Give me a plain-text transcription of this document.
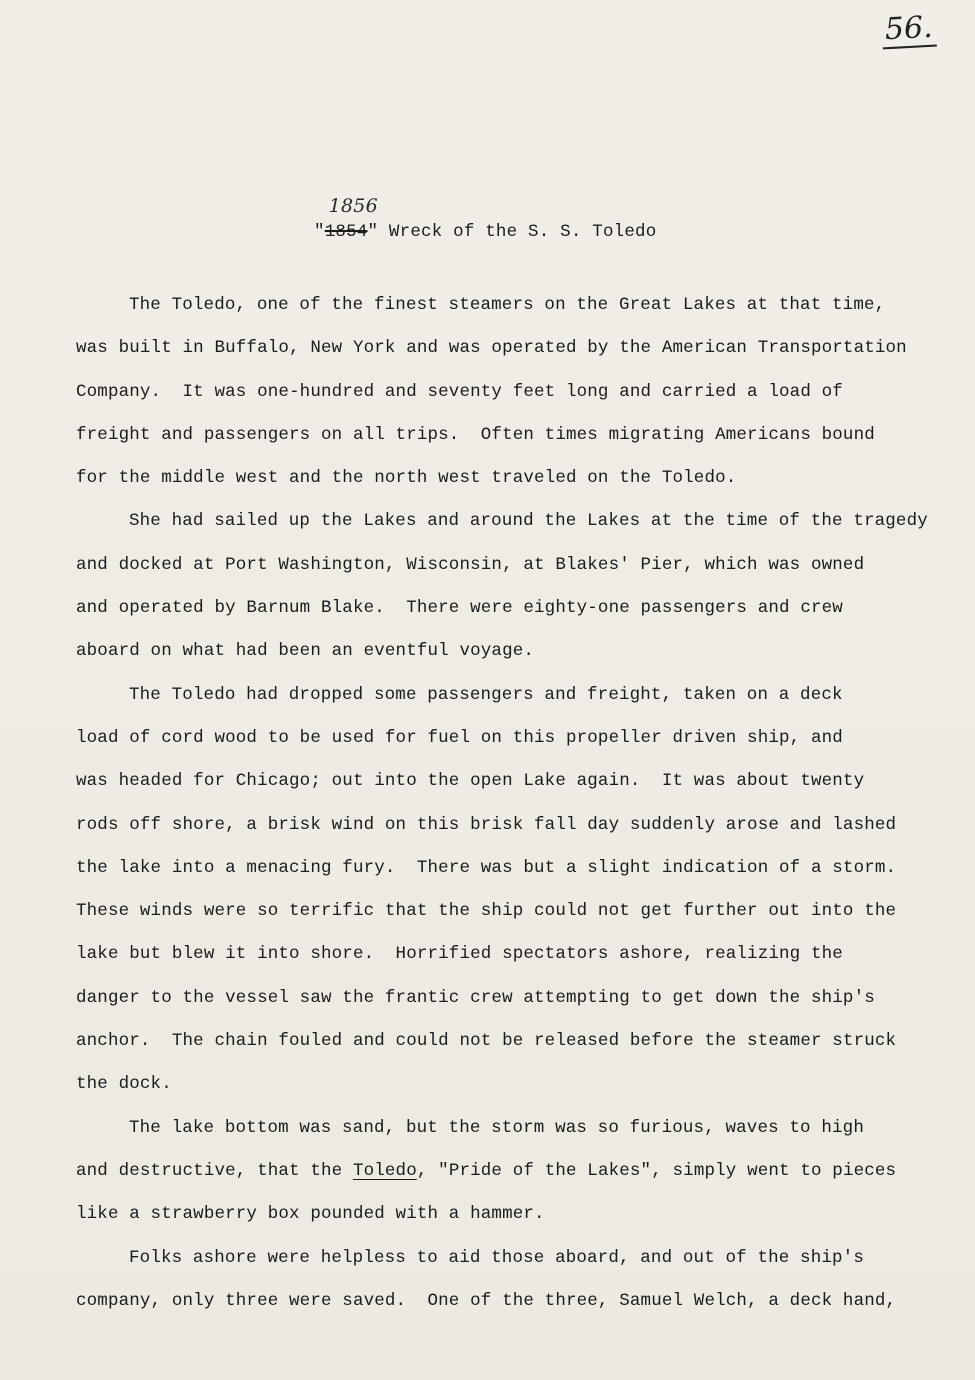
56.
"1854
1856
" Wreck of the S. S. Toledo
The Toledo, one of the finest steamers on the Great Lakes at that time,
was built in Buffalo, New York and was operated by the American Transportation
Company.  It was one-hundred and seventy feet long and carried a load of
freight and passengers on all trips.  Often times migrating Americans bound
for the middle west and the north west traveled on the Toledo.
She had sailed up the Lakes and around the Lakes at the time of the tragedy
and docked at Port Washington, Wisconsin, at Blakes' Pier, which was owned
and operated by Barnum Blake.  There were eighty-one passengers and crew
aboard on what had been an eventful voyage.
The Toledo had dropped some passengers and freight, taken on a deck
load of cord wood to be used for fuel on this propeller driven ship, and
was headed for Chicago; out into the open Lake again.  It was about twenty
rods off shore, a brisk wind on this brisk fall day suddenly arose and lashed
the lake into a menacing fury.  There was but a slight indication of a storm.
These winds were so terrific that the ship could not get further out into the
lake but blew it into shore.  Horrified spectators ashore, realizing the
danger to the vessel saw the frantic crew attempting to get down the ship's
anchor.  The chain fouled and could not be released before the steamer struck
the dock.
The lake bottom was sand, but the storm was so furious, waves to high
and destructive, that the Toledo, "Pride of the Lakes", simply went to pieces
like a strawberry box pounded with a hammer.
Folks ashore were helpless to aid those aboard, and out of the ship's
company, only three were saved.  One of the three, Samuel Welch, a deck hand,
